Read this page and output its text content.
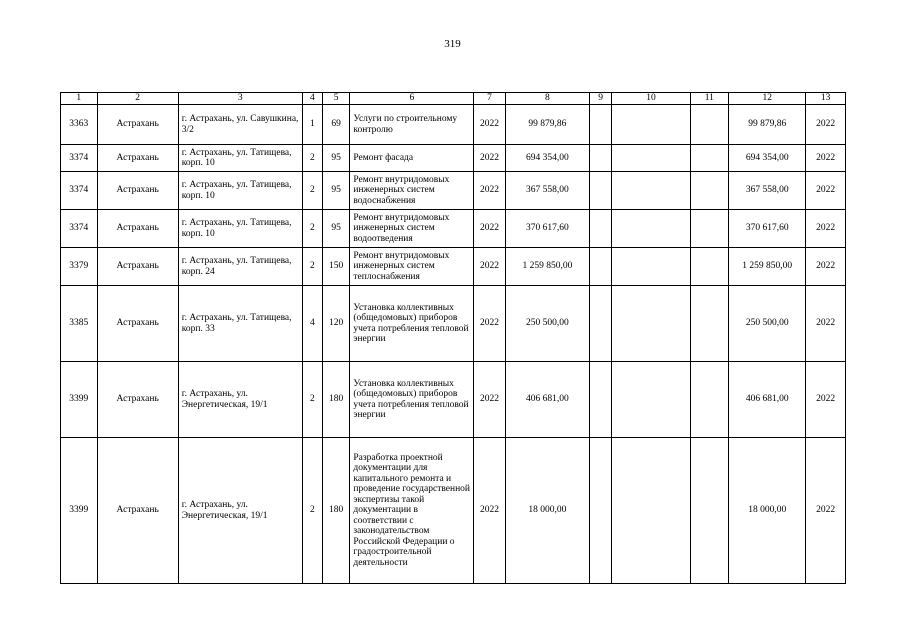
319
1	2	3	4	5	6	7	8	9	10	11	12	13
3363	Астрахань	г. Астрахань, ул. Савушкина, 3/2	1	69	Услуги по строительному контролю	2022	99 879,86				99 879,86	2022
3374	Астрахань	г. Астрахань, ул. Татищева, корп. 10	2	95	Ремонт фасада	2022	694 354,00				694 354,00	2022
3374	Астрахань	г. Астрахань, ул. Татищева, корп. 10	2	95	Ремонт внутридомовых инженерных систем водоснабжения	2022	367 558,00				367 558,00	2022
3374	Астрахань	г. Астрахань, ул. Татищева, корп. 10	2	95	Ремонт внутридомовых инженерных систем водоотведения	2022	370 617,60				370 617,60	2022
3379	Астрахань	г. Астрахань, ул. Татищева, корп. 24	2	150	Ремонт внутридомовых инженерных систем теплоснабжения	2022	1 259 850,00				1 259 850,00	2022
3385	Астрахань	г. Астрахань, ул. Татищева, корп. 33	4	120	Установка коллективных (общедомовых) приборов учета потребления тепловой энергии	2022	250 500,00				250 500,00	2022
3399	Астрахань	г. Астрахань, ул. Энергетическая, 19/1	2	180	Установка коллективных (общедомовых) приборов учета потребления тепловой энергии	2022	406 681,00				406 681,00	2022
3399	Астрахань	г. Астрахань, ул. Энергетическая, 19/1	2	180	Разработка проектной документации для капитального ремонта и проведение государственной экспертизы такой документации в соответствии с законодательством Российской Федерации о градостроительной деятельности	2022	18 000,00				18 000,00	2022
